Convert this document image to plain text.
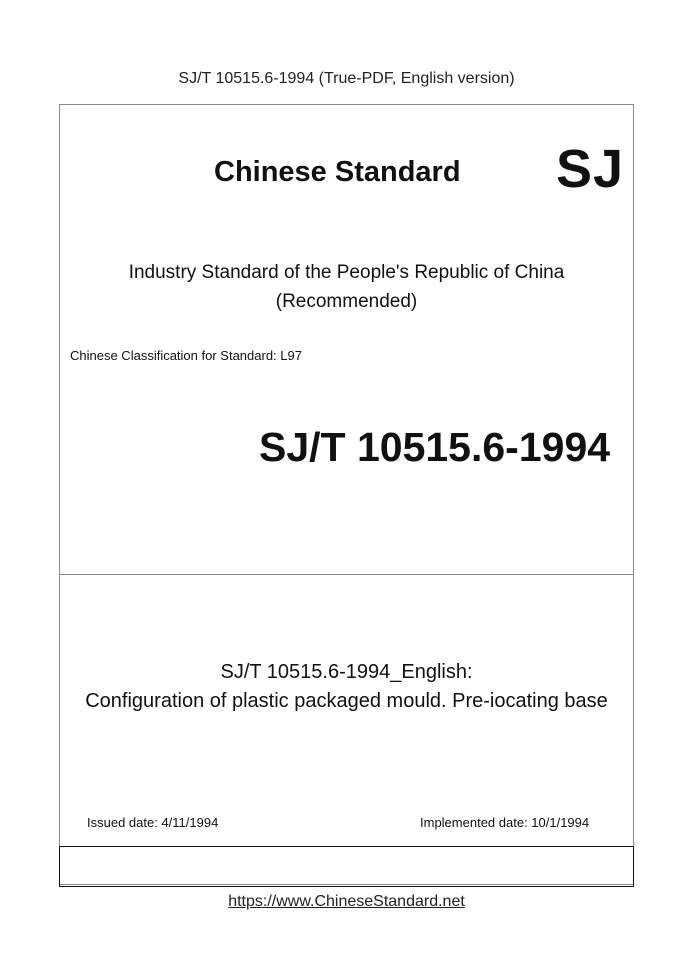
SJ/T 10515.6-1994 (True-PDF, English version)
Chinese Standard SJ
Industry Standard of the People's Republic of China
(Recommended)
Chinese Classification for Standard: L97
SJ/T 10515.6-1994
SJ/T 10515.6-1994_English:
Configuration of plastic packaged mould. Pre-iocating base
Issued date: 4/11/1994	Implemented date: 10/1/1994
https://www.ChineseStandard.net
